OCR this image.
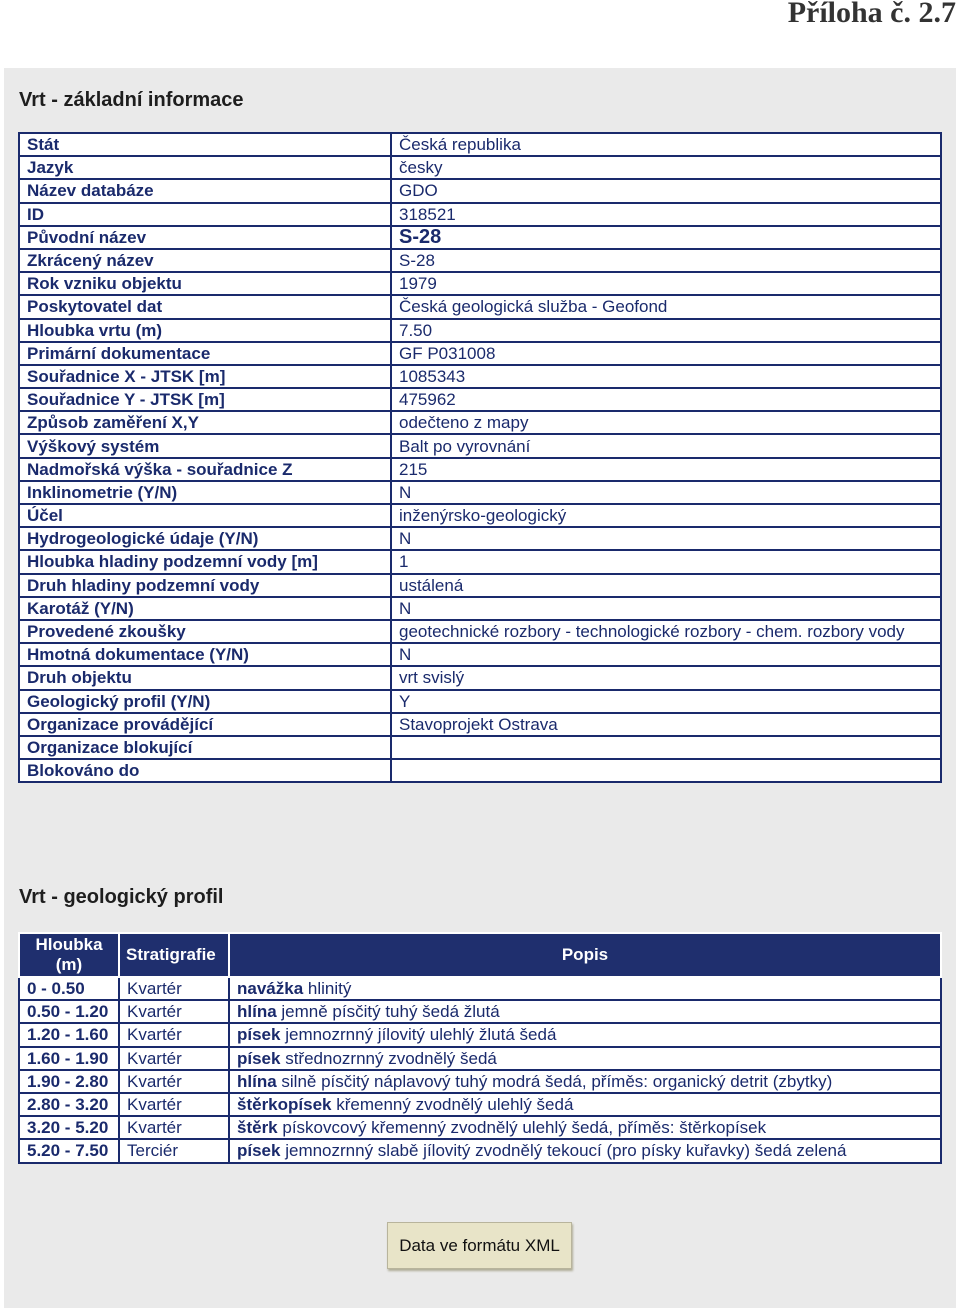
Příloha č. 2.7
Vrt - základní informace
Stát	Česká republika
Jazyk	česky
Název databáze	GDO
ID	318521
Původní název	S-28
Zkrácený název	S-28
Rok vzniku objektu	1979
Poskytovatel dat	Česká geologická služba - Geofond
Hloubka vrtu (m)	7.50
Primární dokumentace	GF P031008
Souřadnice X - JTSK [m]	1085343
Souřadnice Y - JTSK [m]	475962
Způsob zaměření X,Y	odečteno z mapy
Výškový systém	Balt po vyrovnání
Nadmořská výška - souřadnice Z	215
Inklinometrie (Y/N)	N
Účel	inženýrsko-geologický
Hydrogeologické údaje (Y/N)	N
Hloubka hladiny podzemní vody [m]	1
Druh hladiny podzemní vody	ustálená
Karotáž (Y/N)	N
Provedené zkoušky	geotechnické rozbory - technologické rozbory - chem. rozbory vody
Hmotná dokumentace (Y/N)	N
Druh objektu	vrt svislý
Geologický profil (Y/N)	Y
Organizace provádějící	Stavoprojekt Ostrava
Organizace blokující	
Blokováno do	
Vrt - geologický profil
Hloubka
(m)	Stratigrafie	Popis
0 - 0.50	Kvartér	navážka hlinitý
0.50 - 1.20	Kvartér	hlína jemně písčitý tuhý šedá žlutá
1.20 - 1.60	Kvartér	písek jemnozrnný jílovitý ulehlý žlutá šedá
1.60 - 1.90	Kvartér	písek střednozrnný zvodnělý šedá
1.90 - 2.80	Kvartér	hlína silně písčitý náplavový tuhý modrá šedá, příměs: organický detrit (zbytky)
2.80 - 3.20	Kvartér	štěrkopísek křemenný zvodnělý ulehlý šedá
3.20 - 5.20	Kvartér	štěrk pískovcový křemenný zvodnělý ulehlý šedá, příměs: štěrkopísek
5.20 - 7.50	Terciér	písek jemnozrnný slabě jílovitý zvodnělý tekoucí (pro písky kuřavky) šedá zelená
Data ve formátu XML
